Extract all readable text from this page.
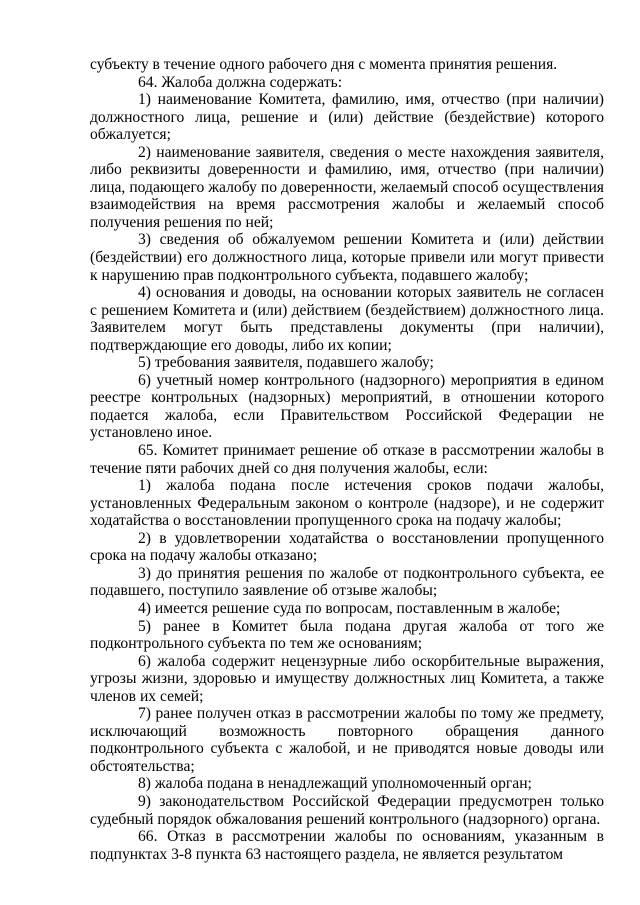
субъекту в течение одного рабочего дня с момента принятия решения.

64. Жалоба должна содержать:

1) наименование Комитета, фамилию, имя, отчество (при наличии) должностного лица, решение и (или) действие (бездействие) которого обжалуется;

2) наименование заявителя, сведения о месте нахождения заявителя, либо реквизиты доверенности и фамилию, имя, отчество (при наличии) лица, подающего жалобу по доверенности, желаемый способ осуществления взаимодействия на время рассмотрения жалобы и желаемый способ получения решения по ней;

3) сведения об обжалуемом решении Комитета и (или) действии (бездействии) его должностного лица, которые привели или могут привести к нарушению прав подконтрольного субъекта, подавшего жалобу;

4) основания и доводы, на основании которых заявитель не согласен с решением Комитета и (или) действием (бездействием) должностного лица. Заявителем могут быть представлены документы (при наличии), подтверждающие его доводы, либо их копии;

5) требования заявителя, подавшего жалобу;

6) учетный номер контрольного (надзорного) мероприятия в едином реестре контрольных (надзорных) мероприятий, в отношении которого подается жалоба, если Правительством Российской Федерации не установлено иное.

65. Комитет принимает решение об отказе в рассмотрении жалобы в течение пяти рабочих дней со дня получения жалобы, если:

1) жалоба подана после истечения сроков подачи жалобы, установленных Федеральным законом о контроле (надзоре), и не содержит ходатайства о восстановлении пропущенного срока на подачу жалобы;

2) в удовлетворении ходатайства о восстановлении пропущенного срока на подачу жалобы отказано;

3) до принятия решения по жалобе от подконтрольного субъекта, ее подавшего, поступило заявление об отзыве жалобы;

4) имеется решение суда по вопросам, поставленным в жалобе;

5) ранее в Комитет была подана другая жалоба от того же подконтрольного субъекта по тем же основаниям;

6) жалоба содержит нецензурные либо оскорбительные выражения, угрозы жизни, здоровью и имуществу должностных лиц Комитета, а также членов их семей;

7) ранее получен отказ в рассмотрении жалобы по тому же предмету, исключающий возможность повторного обращения данного подконтрольного субъекта с жалобой, и не приводятся новые доводы или обстоятельства;

8) жалоба подана в ненадлежащий уполномоченный орган;

9) законодательством Российской Федерации предусмотрен только судебный порядок обжалования решений контрольного (надзорного) органа.

66. Отказ в рассмотрении жалобы по основаниям, указанным в подпунктах 3-8 пункта 63 настоящего раздела, не является результатом
